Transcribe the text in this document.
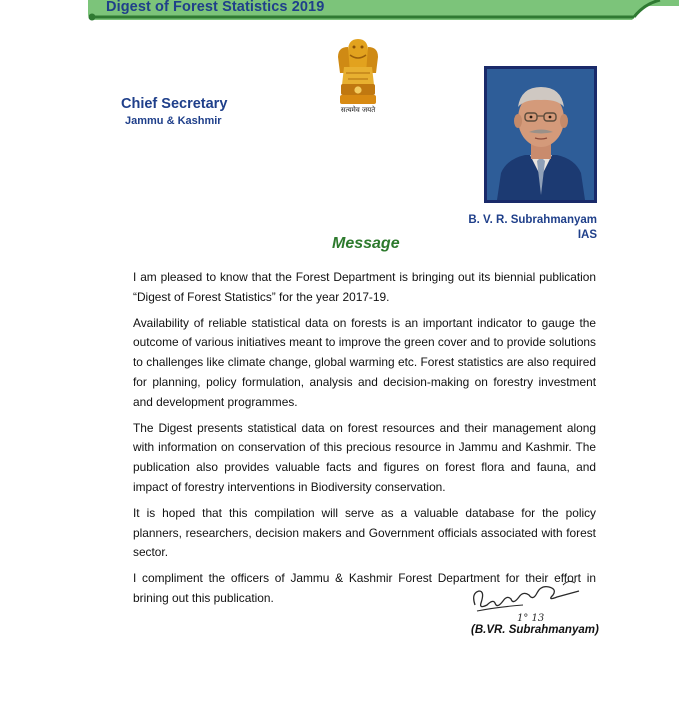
Digest of Forest Statistics 2019
सत्यमेव जयते
Chief Secretary
Jammu & Kashmir
B. V. R. Subrahmanyam
IAS
Message

I am pleased to know that the Forest Department is bringing out its biennial publication “Digest of Forest Statistics” for the year 2017-19.

Availability of reliable statistical data on forests is an important indicator to gauge the outcome of various initiatives meant to improve the green cover and to provide solutions to challenges like climate change, global warming etc. Forest statistics are also required for planning, policy formulation, analysis and decision-making on forestry investment and development programmes.

The Digest presents statistical data on forest resources and their management along with information on conservation of this precious resource in Jammu and Kashmir. The publication also provides valuable facts and figures on forest flora and fauna, and impact of forestry interventions in Biodiversity conservation.

It is hoped that this compilation will serve as a valuable database for the policy planners, researchers, decision makers and Government officials associated with forest sector.

I compliment the officers of Jammu & Kashmir Forest Department for their effort in brining out this publication.

1° 13
(B.VR. Subrahmanyam)
